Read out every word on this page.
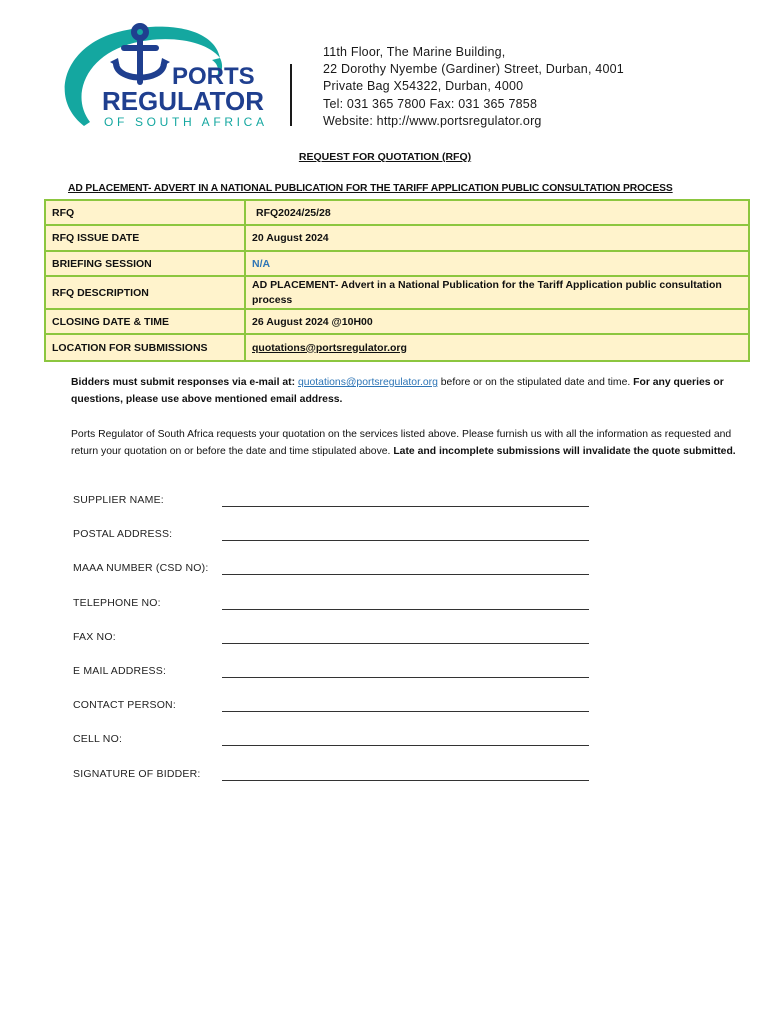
PORTS
REGULATOR
OF SOUTH AFRICA
11th Floor, The Marine Building,
22 Dorothy Nyembe (Gardiner) Street, Durban, 4001
Private Bag X54322, Durban, 4000
Tel: 031 365 7800 Fax: 031 365 7858
Website: http://www.portsregulator.org
REQUEST FOR QUOTATION (RFQ)
AD PLACEMENT- ADVERT IN A NATIONAL PUBLICATION FOR THE TARIFF APPLICATION PUBLIC CONSULTATION PROCESS
RFQ	RFQ2024/25/28
RFQ ISSUE DATE	20 August 2024
BRIEFING SESSION	N/A
RFQ DESCRIPTION	AD PLACEMENT- Advert in a National Publication for the Tariff Application public consultation process
CLOSING DATE & TIME	26 August 2024 @10H00
LOCATION FOR SUBMISSIONS	quotations@portsregulator.org
Bidders must submit responses via e-mail at: quotations@portsregulator.org before or on the stipulated date and time. For any queries or questions, please use above mentioned email address.
Ports Regulator of South Africa requests your quotation on the services listed above. Please furnish us with all the information as requested and return your quotation on or before the date and time stipulated above. Late and incomplete submissions will invalidate the quote submitted.
SUPPLIER NAME:
POSTAL ADDRESS:
MAAA NUMBER (CSD NO):
TELEPHONE NO:
FAX NO:
E MAIL ADDRESS:
CONTACT PERSON:
CELL NO:
SIGNATURE OF BIDDER:
